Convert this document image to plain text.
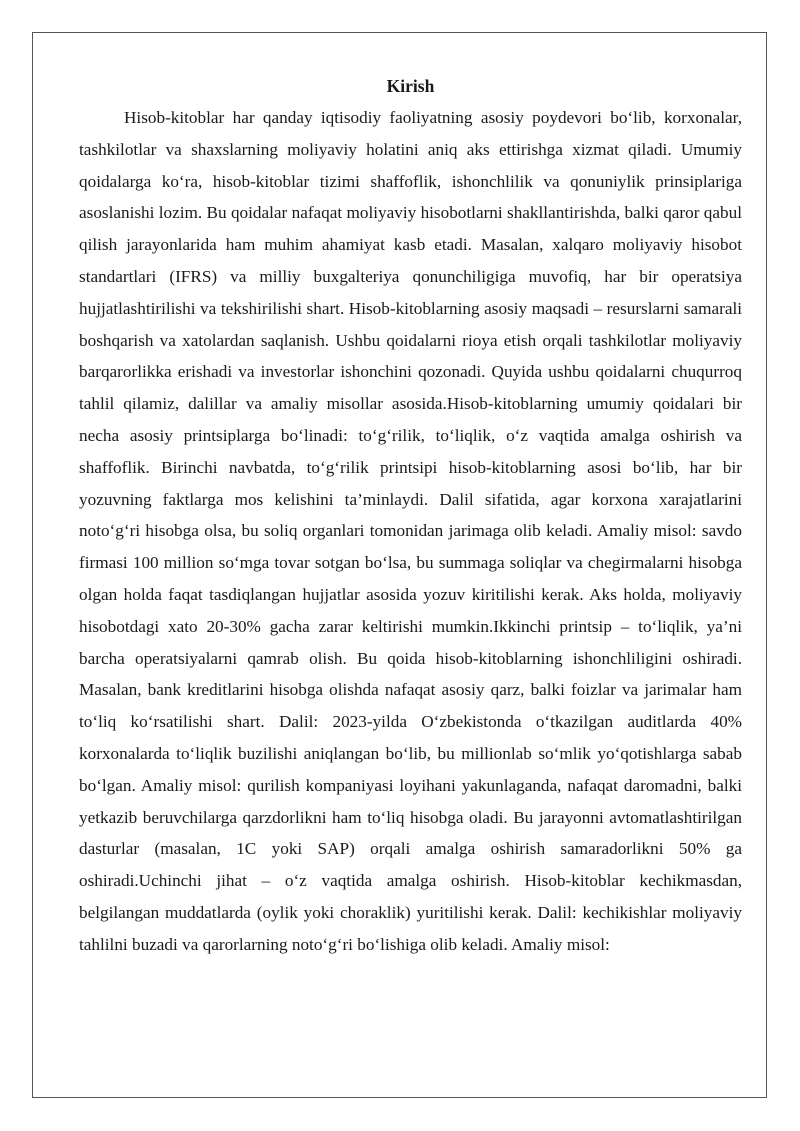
Kirish

Hisob-kitoblar har qanday iqtisodiy faoliyatning asosiy poydevori bo‘lib, korxonalar, tashkilotlar va shaxslarning moliyaviy holatini aniq aks ettirishga xizmat qiladi. Umumiy qoidalarga ko‘ra, hisob-kitoblar tizimi shaffoflik, ishonchlilik va qonuniylik prinsiplariga asoslanishi lozim. Bu qoidalar nafaqat moliyaviy hisobotlarni shakllantirishda, balki qaror qabul qilish jarayonlarida ham muhim ahamiyat kasb etadi. Masalan, xalqaro moliyaviy hisobot standartlari (IFRS) va milliy buxgalteriya qonunchiligiga muvofiq, har bir operatsiya hujjatlashtirilishi va tekshirilishi shart. Hisob-kitoblarning asosiy maqsadi – resurslarni samarali boshqarish va xatolardan saqlanish. Ushbu qoidalarni rioya etish orqali tashkilotlar moliyaviy barqarorlikka erishadi va investorlar ishonchini qozonadi. Quyida ushbu qoidalarni chuqurroq tahlil qilamiz, dalillar va amaliy misollar asosida.Hisob-kitoblarning umumiy qoidalari bir necha asosiy printsiplarga bo‘linadi: to‘g‘rilik, to‘liqlik, o‘z vaqtida amalga oshirish va shaffoflik. Birinchi navbatda, to‘g‘rilik printsipi hisob-kitoblarning asosi bo‘lib, har bir yozuvning faktlarga mos kelishini ta’minlaydi. Dalil sifatida, agar korxona xarajatlarini noto‘g‘ri hisobga olsa, bu soliq organlari tomonidan jarimaga olib keladi. Amaliy misol: savdo firmasi 100 million so‘mga tovar sotgan bo‘lsa, bu summaga soliqlar va chegirmalarni hisobga olgan holda faqat tasdiqlangan hujjatlar asosida yozuv kiritilishi kerak. Aks holda, moliyaviy hisobotdagi xato 20-30% gacha zarar keltirishi mumkin.Ikkinchi printsip – to‘liqlik, ya’ni barcha operatsiyalarni qamrab olish. Bu qoida hisob-kitoblarning ishonchliligini oshiradi. Masalan, bank kreditlarini hisobga olishda nafaqat asosiy qarz, balki foizlar va jarimalar ham to‘liq ko‘rsatilishi shart. Dalil: 2023-yilda O‘zbekistonda o‘tkazilgan auditlarda 40% korxonalarda to‘liqlik buzilishi aniqlangan bo‘lib, bu millionlab so‘mlik yo‘qotishlarga sabab bo‘lgan. Amaliy misol: qurilish kompaniyasi loyihani yakunlaganda, nafaqat daromadni, balki yetkazib beruvchilarga qarzdorlikni ham to‘liq hisobga oladi. Bu jarayonni avtomatlashtirilgan dasturlar (masalan, 1C yoki SAP) orqali amalga oshirish samaradorlikni 50% ga oshiradi.Uchinchi jihat – o‘z vaqtida amalga oshirish. Hisob-kitoblar kechikmasdan, belgilangan muddatlarda (oylik yoki choraklik) yuritilishi kerak. Dalil: kechikishlar moliyaviy tahlilni buzadi va qarorlarning noto‘g‘ri bo‘lishiga olib keladi. Amaliy misol:
